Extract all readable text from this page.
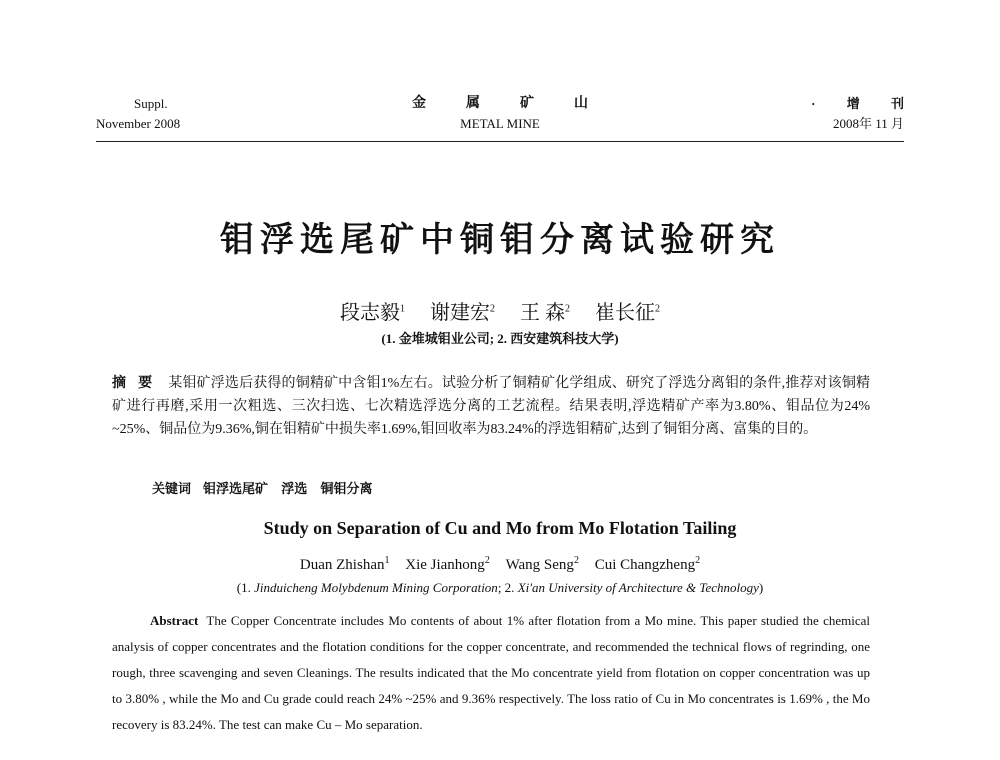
Suppl.
November 2008
金属矿山
METAL MINE
· 增 刊
2008年 11 月
钼浮选尾矿中铜钼分离试验研究
段志毅$^1$ 谢建宏$^2$ 王 森$^2$ 崔长征$^2$
(1. 金堆城钼业公司; 2. 西安建筑科技大学)
摘要 某钼矿浮选后获得的铜精矿中含钼1%左右。试验分析了铜精矿化学组成、研究了浮选分离钼的条件,推荐对该铜精矿进行再磨,采用一次粗选、三次扫选、七次精选浮选分离的工艺流程。结果表明,浮选精矿产率为3.80%、钼品位为24% ~25%、铜品位为9.36%,铜在钼精矿中损失率1.69%,钼回收率为83.24%的浮选钼精矿,达到了铜钼分离、富集的目的。
关键词 钼浮选尾矿 浮选 铜钼分离
Study on Separation of Cu and Mo from Mo Flotation Tailing
Duan Zhishan$^1$ Xie Jianhong$^2$ Wang Seng$^2$ Cui Changzheng$^2$
(1. Jinduicheng Molybdenum Mining Corporation; 2. Xi'an University of Architecture & Technology)
Abstract The Copper Concentrate includes Mo contents of about 1% after flotation from a Mo mine. This paper studied the chemical analysis of copper concentrates and the flotation conditions for the copper concentrate, and recommended the technical flows of regrinding, one rough, three scavenging and seven Cleanings. The results indicated that the Mo concentrate yield from flotation on copper concentration was up to 3.80% , while the Mo and Cu grade could reach 24% ~25% and 9.36% respectively. The loss ratio of Cu in Mo concentrates is 1.69% , the Mo recovery is 83.24%. The test can make Cu – Mo separation.
